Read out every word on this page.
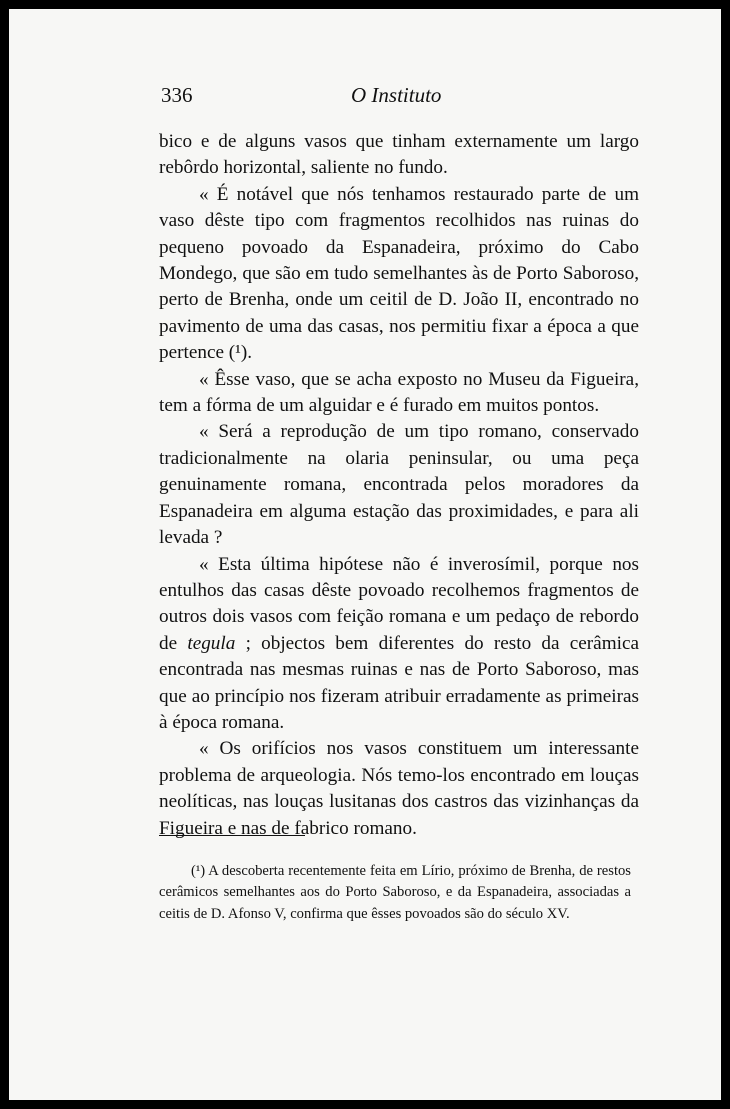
336	O Instituto

bico e de alguns vasos que tinham externamente um largo rebôrdo horizontal, saliente no fundo.

« É notável que nós tenhamos restaurado parte de um vaso dêste tipo com fragmentos recolhidos nas ruinas do pequeno povoado da Espanadeira, próximo do Cabo Mondego, que são em tudo semelhantes às de Porto Saboroso, perto de Brenha, onde um ceitil de D. João II, encontrado no pavimento de uma das casas, nos permitiu fixar a época a que pertence (¹).

« Êsse vaso, que se acha exposto no Museu da Figueira, tem a fórma de um alguidar e é furado em muitos pontos.

« Será a reprodução de um tipo romano, conservado tradicionalmente na olaria peninsular, ou uma peça genuinamente romana, encontrada pelos moradores da Espanadeira em alguma estação das proximidades, e para ali levada ?

« Esta última hipótese não é inverosímil, porque nos entulhos das casas dêste povoado recolhemos fragmentos de outros dois vasos com feição romana e um pedaço de rebordo de tegula ; objectos bem diferentes do resto da cerâmica encontrada nas mesmas ruinas e nas de Porto Saboroso, mas que ao princípio nos fizeram atribuir erradamente as primeiras à época romana.

« Os orifícios nos vasos constituem um interessante problema de arqueologia. Nós temo-los encontrado em louças neolíticas, nas louças lusitanas dos castros das vizinhanças da Figueira e nas de fabrico romano.

(¹) A descoberta recentemente feita em Lírio, próximo de Brenha, de restos cerâmicos semelhantes aos do Porto Saboroso, e da Espanadeira, associadas a ceitis de D. Afonso V, confirma que êsses povoados são do século XV.
